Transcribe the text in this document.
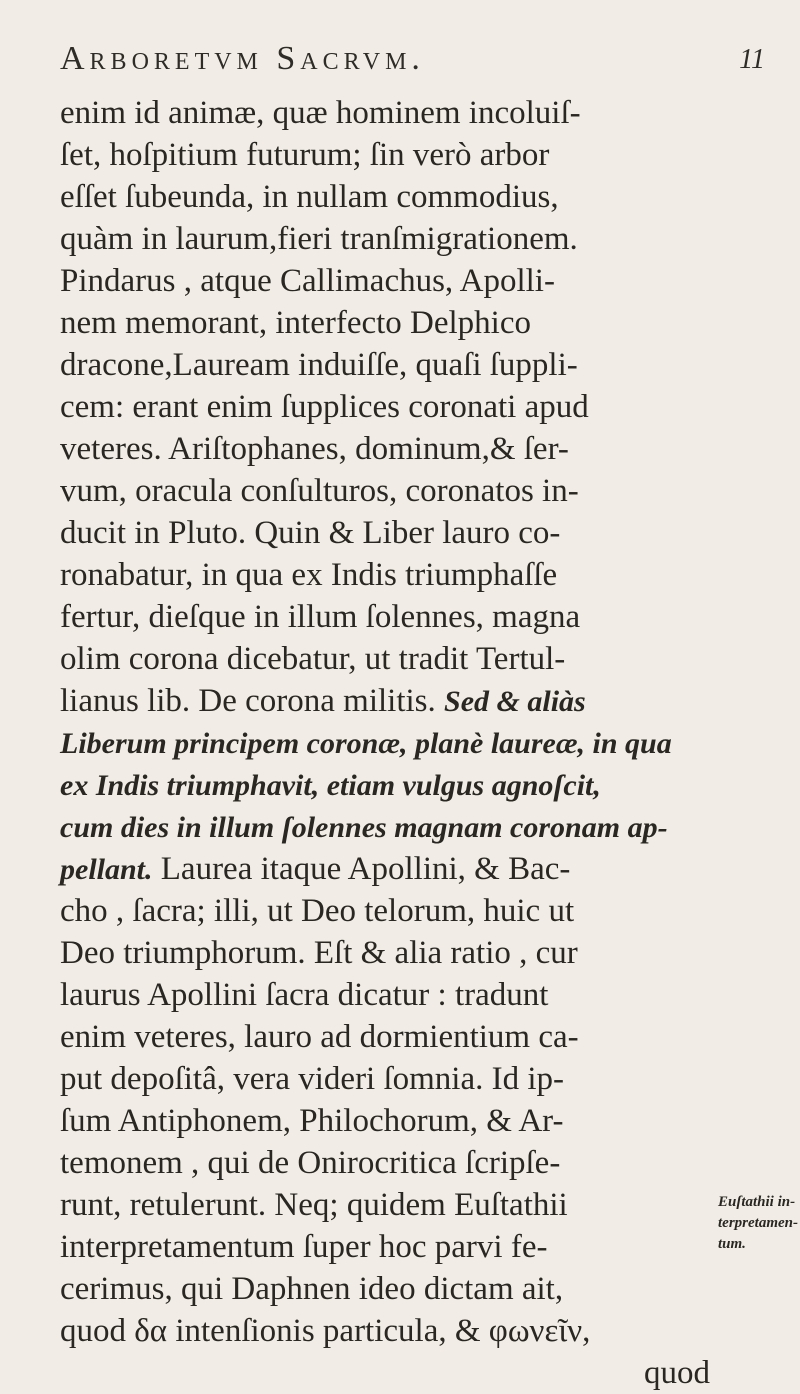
Arboretvm Sacrvm.	11
enim id animæ, quæ hominem incoluiſ-
ſet, hoſpitium futurum; ſin verò arbor
eſſet ſubeunda, in nullam commodius,
quàm in laurum,fieri tranſmigrationem.
Pindarus , atque Callimachus, Apolli-
nem memorant, interfecto Delphico
dracone,Lauream induiſſe, quaſi ſuppli-
cem: erant enim ſupplices coronati apud
veteres. Ariſtophanes, dominum,& ſer-
vum, oracula conſulturos, coronatos in-
ducit in Pluto. Quin & Liber lauro co-
ronabatur, in qua ex Indis triumphaſſe
fertur, dieſque in illum ſolennes, magna
olim corona dicebatur, ut tradit Tertul-
lianus lib. De corona militis. Sed & aliàs
Liberum principem coronæ, planè laureæ, in qua
ex Indis triumphavit, etiam vulgus agnoſcit,
cum dies in illum ſolennes magnam coronam ap-
pellant. Laurea itaque Apollini, & Bac-
cho , ſacra; illi, ut Deo telorum, huic ut
Deo triumphorum. Eſt & alia ratio , cur
laurus Apollini ſacra dicatur : tradunt
enim veteres, lauro ad dormientium ca-
put depoſitâ, vera videri ſomnia. Id ip-
ſum Antiphonem, Philochorum, & Ar-
temonem , qui de Onirocritica ſcripſe-
runt, retulerunt. Neq; quidem Euſtathii
interpretamentum ſuper hoc parvi fe-
cerimus, qui Daphnen ideo dictam ait,
quod δα intenſionis particula, & φωνεῖν,
quod
Euſtathii in-
terpretamen-
tum.
